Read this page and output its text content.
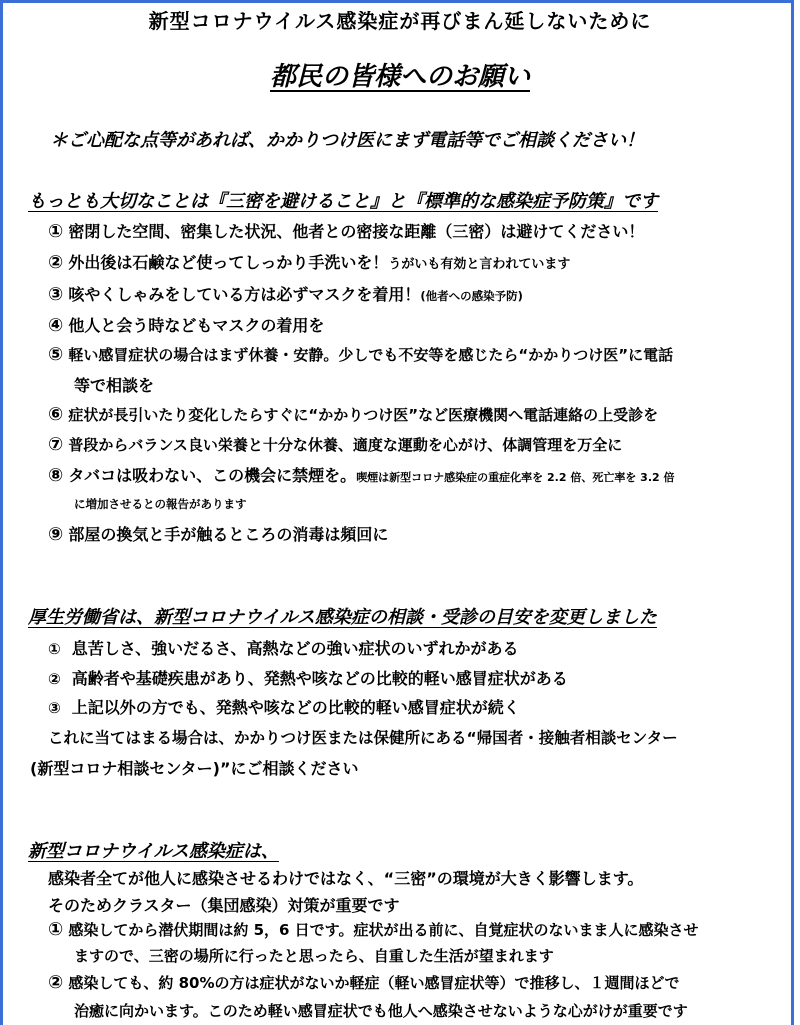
新型コロナウイルス感染症が再びまん延しないために
都民の皆様へのお願い
＊ご心配な点等があれば、かかりつけ医にまず電話等でご相談ください！
もっとも大切なことは『三密を避けること』と『標準的な感染症予防策』です
① 密閉した空間、密集した状況、他者との密接な距離（三密）は避けてください！
② 外出後は石鹸など使ってしっかり手洗いを！うがいも有効と言われています
③ 咳やくしゃみをしている方は必ずマスクを着用！(他者への感染予防)
④ 他人と会う時などもマスクの着用を
⑤ 軽い感冒症状の場合はまず休養・安静。少しでも不安等を感じたら“かかりつけ医”に電話
等で相談を
⑥ 症状が長引いたり変化したらすぐに“かかりつけ医”など医療機関へ電話連絡の上受診を
⑦ 普段からバランス良い栄養と十分な休養、適度な運動を心がけ、体調管理を万全に
⑧ タバコは吸わない、この機会に禁煙を。喫煙は新型コロナ感染症の重症化率を 2.2 倍、死亡率を 3.2 倍
に増加させるとの報告があります
⑨ 部屋の換気と手が触るところの消毒は頻回に
厚生労働省は、新型コロナウイルス感染症の相談・受診の目安を変更しました
① 息苦しさ、強いだるさ、高熱などの強い症状のいずれかがある
② 高齢者や基礎疾患があり、発熱や咳などの比較的軽い感冒症状がある
③ 上記以外の方でも、発熱や咳などの比較的軽い感冒症状が続く
これに当てはまる場合は、かかりつけ医または保健所にある“帰国者・接触者相談センター
(新型コロナ相談センター)”にご相談ください
新型コロナウイルス感染症は、
感染者全てが他人に感染させるわけではなく、“三密”の環境が大きく影響します。
そのためクラスター（集団感染）対策が重要です
① 感染してから潜伏期間は約 5，6 日です。症状が出る前に、自覚症状のないまま人に感染させ
ますので、三密の場所に行ったと思ったら、自重した生活が望まれます
② 感染しても、約 80%の方は症状がないか軽症（軽い感冒症状等）で推移し、１週間ほどで
治癒に向かいます。このため軽い感冒症状でも他人へ感染させないような心がけが重要です
